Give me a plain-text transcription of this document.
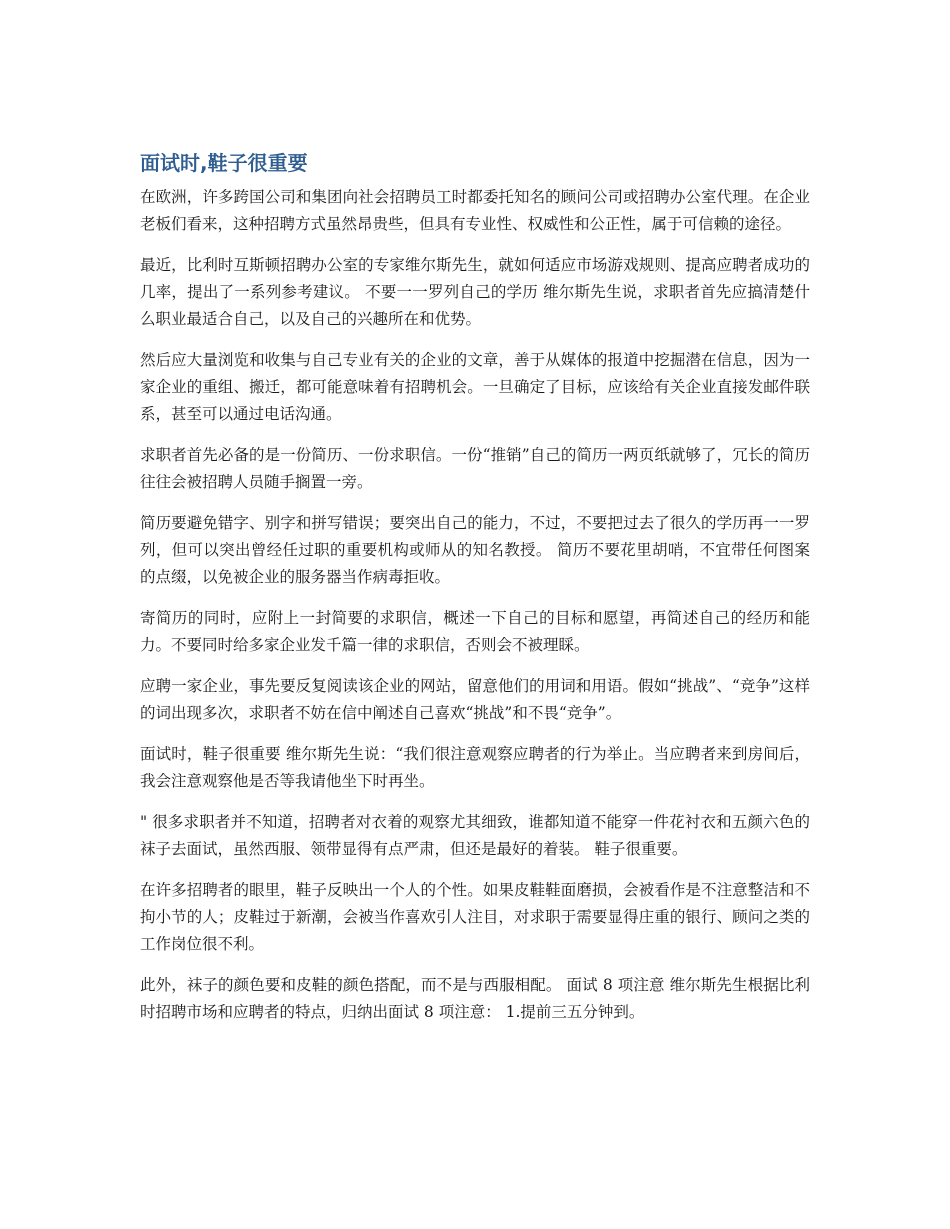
面试时,鞋子很重要

在欧洲，许多跨国公司和集团向社会招聘员工时都委托知名的顾问公司或招聘办公室代理。在企业老板们看来，这种招聘方式虽然昂贵些，但具有专业性、权威性和公正性，属于可信赖的途径。

最近，比利时互斯顿招聘办公室的专家维尔斯先生，就如何适应市场游戏规则、提高应聘者成功的几率，提出了一系列参考建议。 不要一一罗列自己的学历 维尔斯先生说，求职者首先应搞清楚什么职业最适合自己，以及自己的兴趣所在和优势。

然后应大量浏览和收集与自己专业有关的企业的文章，善于从媒体的报道中挖掘潜在信息，因为一家企业的重组、搬迁，都可能意味着有招聘机会。一旦确定了目标，应该给有关企业直接发邮件联系，甚至可以通过电话沟通。

求职者首先必备的是一份简历、一份求职信。一份“推销”自己的简历一两页纸就够了，冗长的简历往往会被招聘人员随手搁置一旁。

简历要避免错字、别字和拼写错误；要突出自己的能力，不过，不要把过去了很久的学历再一一罗列，但可以突出曾经任过职的重要机构或师从的知名教授。 简历不要花里胡哨，不宜带任何图案的点缀，以免被企业的服务器当作病毒拒收。

寄简历的同时，应附上一封简要的求职信，概述一下自己的目标和愿望，再简述自己的经历和能力。不要同时给多家企业发千篇一律的求职信，否则会不被理睬。

应聘一家企业，事先要反复阅读该企业的网站，留意他们的用词和用语。假如“挑战”、“竞争”这样的词出现多次，求职者不妨在信中阐述自己喜欢“挑战”和不畏“竞争”。

面试时，鞋子很重要 维尔斯先生说：“我们很注意观察应聘者的行为举止。当应聘者来到房间后，我会注意观察他是否等我请他坐下时再坐。

" 很多求职者并不知道，招聘者对衣着的观察尤其细致，谁都知道不能穿一件花衬衣和五颜六色的袜子去面试，虽然西服、领带显得有点严肃，但还是最好的着装。 鞋子很重要。

在许多招聘者的眼里，鞋子反映出一个人的个性。如果皮鞋鞋面磨损，会被看作是不注意整洁和不拘小节的人；皮鞋过于新潮，会被当作喜欢引人注目，对求职于需要显得庄重的银行、顾问之类的工作岗位很不利。

此外，袜子的颜色要和皮鞋的颜色搭配，而不是与西服相配。 面试 8 项注意 维尔斯先生根据比利时招聘市场和应聘者的特点，归纳出面试 8 项注意： 1.提前三五分钟到。
